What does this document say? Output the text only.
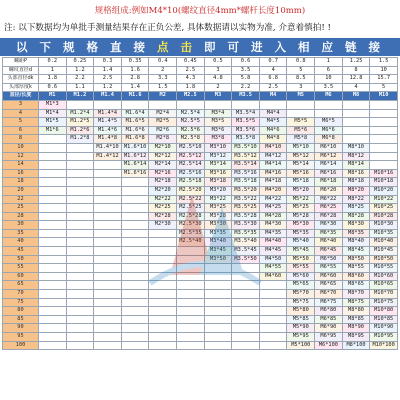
规格组成:例如M4*10(螺纹直径4mm*螺杆长度10mm)
注: 以下数据均为单批手测量结果存在正负公差, 具体数据请以实物为准, 介意着慎拍! !
以 下 规 格 直 接 点 击 即 可 进 入 相 应 链 接
螺距P	0.2	0.25	0.3	0.35	0.4	0.45	0.5	0.6	0.7	0.8	1	1.25	1.5
螺纹直径d	1	1.2	1.4	1.6	2	2.5	3	3.5	4	5	6	8	10
头部直径dk	1.8	2.2	2.5	2.8	3.3	4.3	4.8	5.8	6.8	8.5	10	12.8	15.7
头部厚度k	0.6	1.1	1.2	1.4	1.5	1.8	2	2.2	2.5	3	3.5	4	5
直径/长度	M1	M1.2	M1.4	M1.6	M2	M2.5	M3	M3.5	M4	M5	M6	M8	M10
3	M1*3												
4	M1*4	M1.2*4	M1.4*4	M1.6*4	M2*4	M2.5*4	M3*4	M3.5*4	M4*4				
5	M1*5	M1.2*5	M1.4*5	M1.6*5	M2*5	M2.5*5	M3*5	M3.5*5	M4*5	M5*5	M6*5		
6	M1*6	M1.2*6	M1.4*6	M1.6*6	M2*6	M2.5*6	M3*6	M3.5*6	M4*6	M5*6	M6*6		
8		M1.2*8	M1.4*8	M1.6*8	M2*8	M2.5*8	M3*8	M3.5*8	M4*8	M5*8	M6*8		
10			M1.4*10	M1.6*10	M2*10	M2.5*10	M3*10	M3.5*10	M4*10	M5*10	M6*10	M8*10	
12			M1.4*12	M1.6*12	M2*12	M2.5*12	M3*12	M3.5*12	M4*12	M5*12	M6*12	M8*12	
14				M1.6*14	M2*14	M2.5*14	M3*14	M3.5*14	M4*14	M5*14	M6*14	M8*14	
16				M1.6*16	M2*16	M2.5*16	M3*16	M3.5*16	M4*16	M5*16	M6*16	M8*16	M10*16
18					M2*18	M2.5*18	M3*18	M3.5*18	M4*18	M5*18	M6*18	M8*18	M10*18
20					M2*20	M2.5*20	M3*20	M3.5*20	M4*20	M5*20	M6*20	M8*20	M10*20
22					M2*22	M2.5*22	M3*22	M3.5*22	M4*22	M5*22	M6*22	M8*22	M10*22
25					M2*25	M2.5*25	M3*25	M3.5*25	M4*25	M5*25	M6*25	M8*25	M10*25
28					M2*28	M2.5*28	M3*28	M3.5*28	M4*28	M5*28	M6*28	M8*28	M10*28
30					M2*30	M2.5*30	M3*30	M3.5*30	M4*30	M5*30	M6*30	M8*30	M10*30
35						M2.5*35	M3*35	M3.5*35	M4*35	M5*35	M6*35	M8*35	M10*35
40						M2.5*40	M3*40	M3.5*40	M4*40	M5*40	M6*40	M8*40	M10*40
45							M3*45	M3.5*45	M4*45	M5*45	M6*45	M8*45	M10*45
50							M3*50	M3.5*50	M4*50	M5*50	M6*50	M8*50	M10*50
55									M4*55	M5*55	M6*55	M8*55	M10*55
60									M4*60	M5*60	M6*60	M8*60	M10*60
65										M5*65	M6*65	M8*65	M10*65
70										M5*70	M6*70	M8*70	M10*70
75										M5*75	M6*75	M8*75	M10*75
80										M5*80	M6*80	M8*80	M10*80
85										M5*85	M6*85	M8*85	M10*85
90										M5*90	M6*90	M8*90	M10*90
95										M5*95	M6*95	M8*95	M10*95
100										M5*100	M6*100	M8*100	M10*100
